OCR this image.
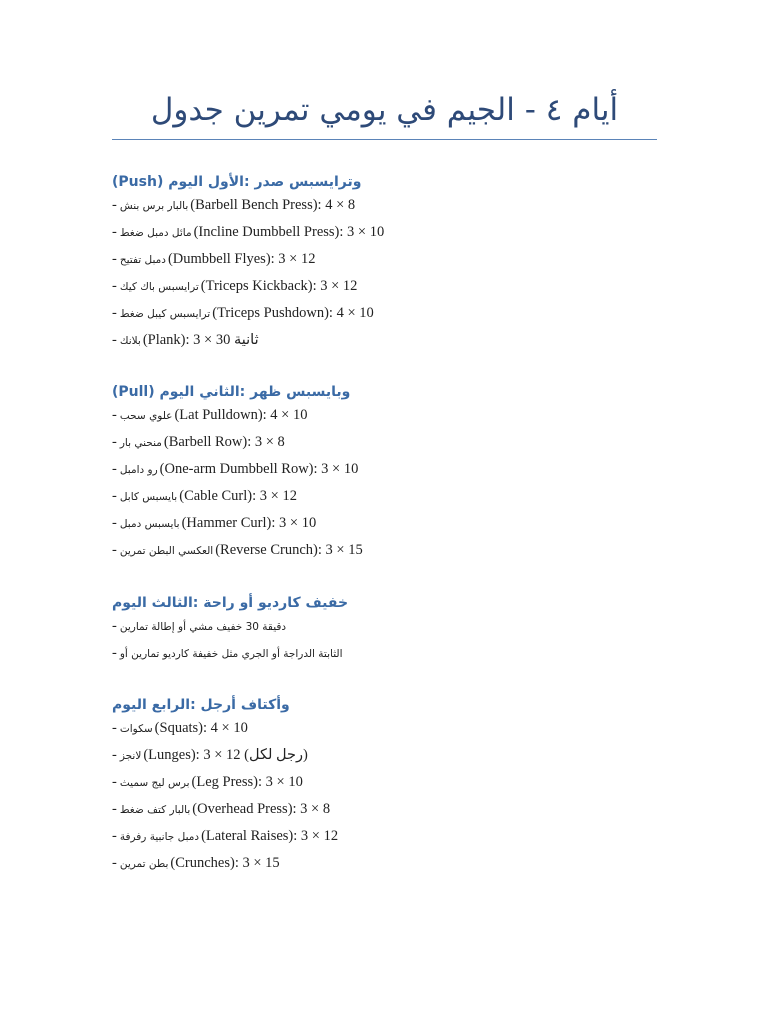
أيام ٤ - الجيم في يومي تمرين جدول
وترايسبس صدر :الأول اليوم (Push)
- بالبار برس بنش (Barbell Bench Press): 4 × 8
- مائل دمبل ضغط (Incline Dumbbell Press): 3 × 10
- دمبل تفتيح (Dumbbell Flyes): 3 × 12
- ترايسبس باك كيك (Triceps Kickback): 3 × 12
- ترايسبس كيبل ضغط (Triceps Pushdown): 4 × 10
- بلانك (Plank): 3 × 30 ثانية
وبايسبس ظهر :الثاني اليوم (Pull)
- علوي سحب (Lat Pulldown): 4 × 10
- منحني بار (Barbell Row): 3 × 8
- رو دامبل (One-arm Dumbbell Row): 3 × 10
- بايسبس كابل (Cable Curl): 3 × 12
- بايسبس دمبل (Hammer Curl): 3 × 10
- العكسي البطن تمرين (Reverse Crunch): 3 × 15
خفيف كارديو أو راحة :الثالث اليوم
- دقيقة 30 خفيف مشي أو إطالة تمارين
- الثابتة الدراجة أو الجري مثل خفيفة كارديو تمارين أو
وأكتاف أرجل :الرابع اليوم
- سكوات (Squats): 4 × 10
- لانجز (Lunges): 3 × 12 (رجل لكل)
- برس ليج سميث (Leg Press): 3 × 10
- بالبار كتف ضغط (Overhead Press): 3 × 8
- دمبل جانبية رفرفة (Lateral Raises): 3 × 12
- بطن تمرين (Crunches): 3 × 15
